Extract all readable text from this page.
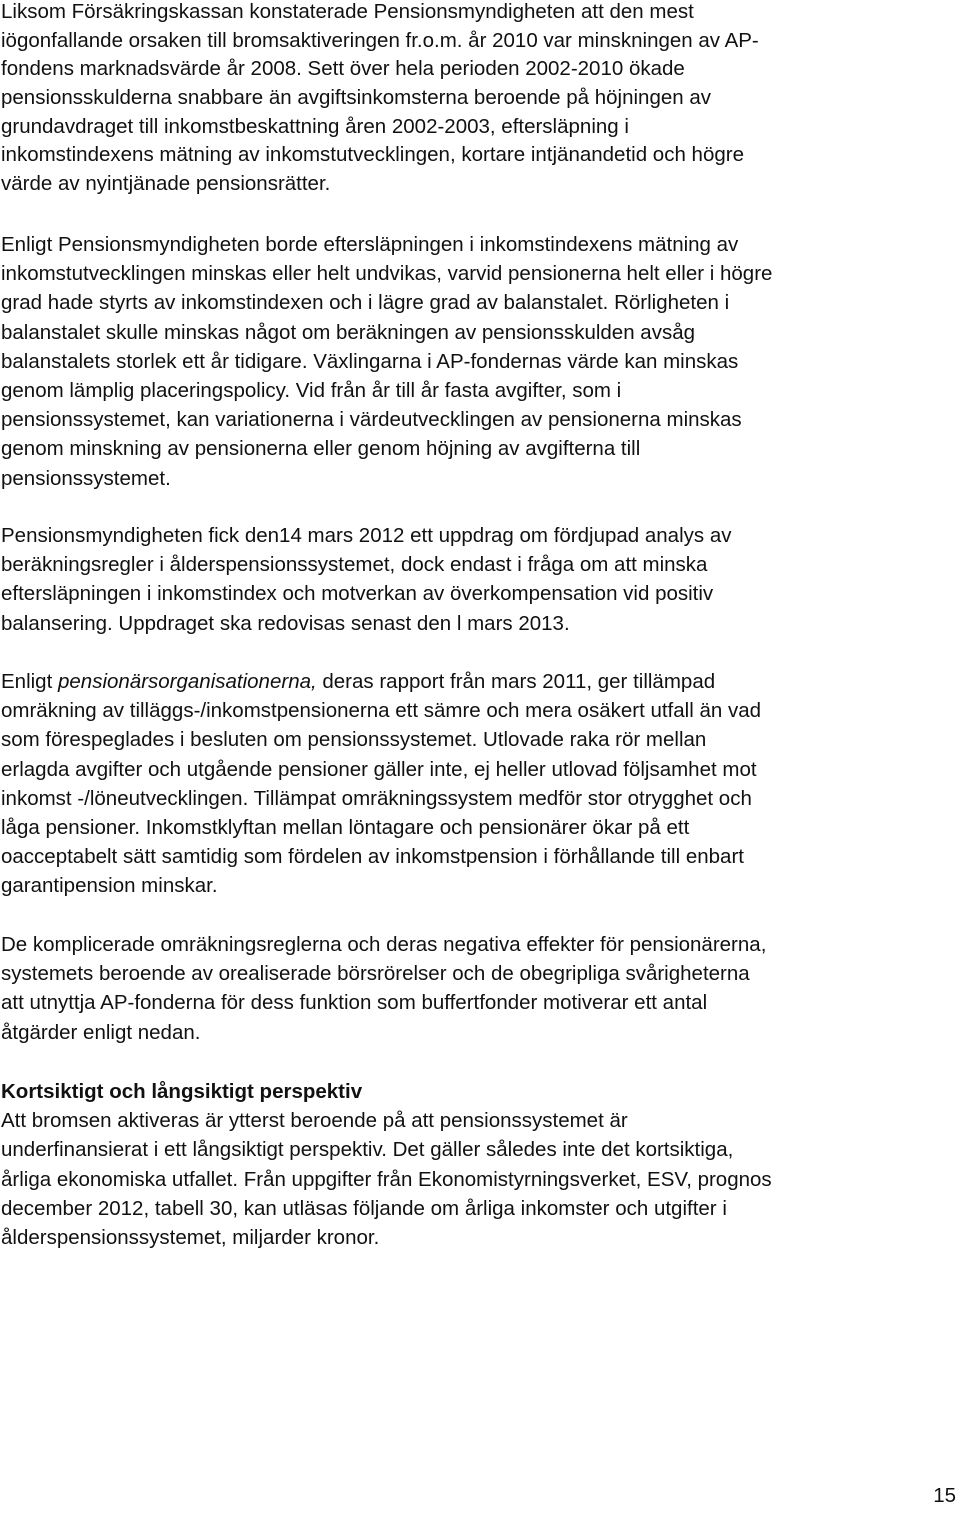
Liksom Försäkringskassan konstaterade Pensionsmyndigheten att den mest
iögonfallande orsaken till bromsaktiveringen fr.o.m. år 2010 var minskningen av AP-
fondens marknadsvärde år 2008. Sett över hela perioden 2002-2010 ökade
pensionsskulderna snabbare än avgiftsinkomsterna beroende på höjningen av
grundavdraget till inkomstbeskattning åren 2002-2003, eftersläpning i
inkomstindexens mätning av inkomstutvecklingen, kortare intjänandetid och högre
värde av nyintjänade pensionsrätter.

Enligt Pensionsmyndigheten borde eftersläpningen i inkomstindexens mätning av
inkomstutvecklingen minskas eller helt undvikas, varvid pensionerna helt eller i högre
grad hade styrts av inkomstindexen och i lägre grad av balanstalet. Rörligheten i
balanstalet skulle minskas något om beräkningen av pensionsskulden avsåg
balanstalets storlek ett år tidigare. Växlingarna i AP-fondernas värde kan minskas
genom lämplig placeringspolicy. Vid från år till år fasta avgifter, som i
pensionssystemet, kan variationerna i värdeutvecklingen av pensionerna minskas
genom minskning av pensionerna eller genom höjning av avgifterna till
pensionssystemet.

Pensionsmyndigheten fick den14 mars 2012 ett uppdrag om fördjupad analys av
beräkningsregler i ålderspensionssystemet, dock endast i fråga om att minska
eftersläpningen i inkomstindex och motverkan av överkompensation vid positiv
balansering. Uppdraget ska redovisas senast den l mars 2013.

Enligt pensionärsorganisationerna, deras rapport från mars 2011, ger tillämpad
omräkning av tilläggs-/inkomstpensionerna ett sämre och mera osäkert utfall än vad
som förespeglades i besluten om pensionssystemet. Utlovade raka rör mellan
erlagda avgifter och utgående pensioner gäller inte, ej heller utlovad följsamhet mot
inkomst -/löneutvecklingen. Tillämpat omräkningssystem medför stor otrygghet och
låga pensioner. Inkomstklyftan mellan löntagare och pensionärer ökar på ett
oacceptabelt sätt samtidig som fördelen av inkomstpension i förhållande till enbart
garantipension minskar.

De komplicerade omräkningsreglerna och deras negativa effekter för pensionärerna,
systemets beroende av orealiserade börsrörelser och de obegripliga svårigheterna
att utnyttja AP-fonderna för dess funktion som buffertfonder motiverar ett antal
åtgärder enligt nedan.

Kortsiktigt och långsiktigt perspektiv
Att bromsen aktiveras är ytterst beroende på att pensionssystemet är
underfinansierat i ett långsiktigt perspektiv. Det gäller således inte det kortsiktiga,
årliga ekonomiska utfallet. Från uppgifter från Ekonomistyrningsverket, ESV, prognos
december 2012, tabell 30, kan utläsas följande om årliga inkomster och utgifter i
ålderspensionssystemet, miljarder kronor.

15
